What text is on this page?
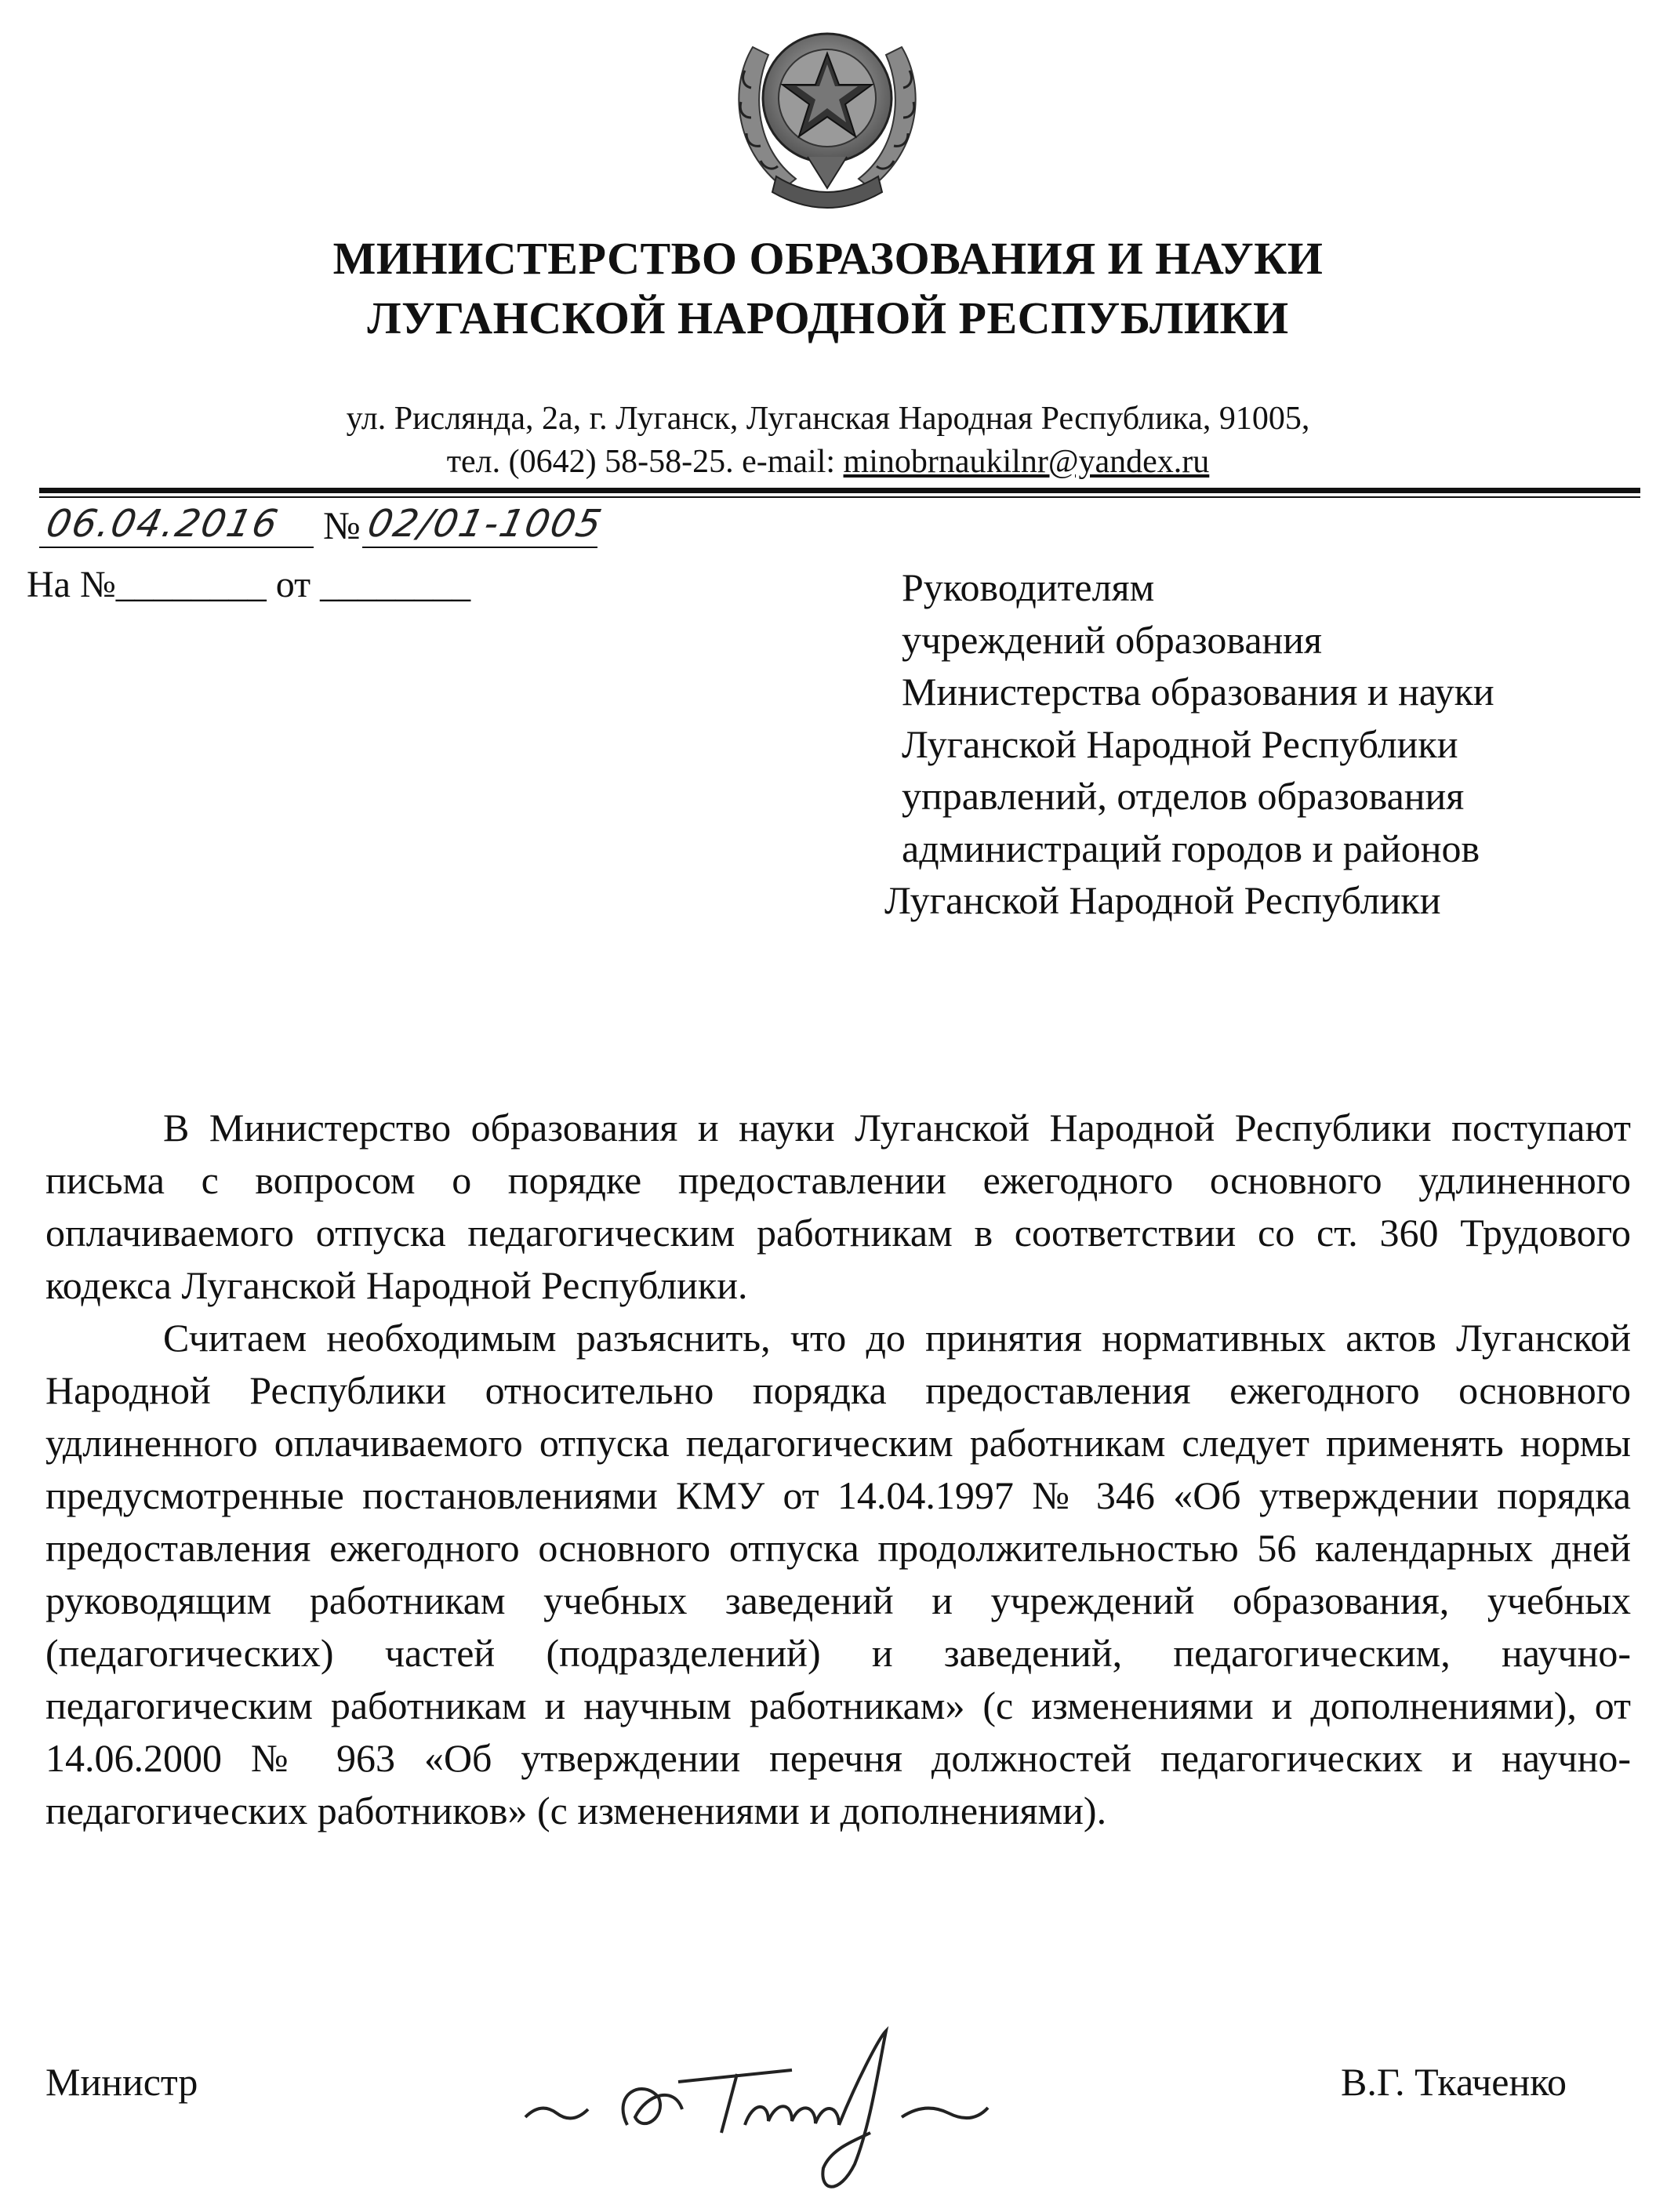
МИНИСТЕРСТВО ОБРАЗОВАНИЯ И НАУКИ
ЛУГАНСКОЙ НАРОДНОЙ РЕСПУБЛИКИ
ул. Рислянда, 2а, г. Луганск, Луганская Народная Республика, 91005,
тел. (0642) 58-58-25. e-mail: minobrnaukilnr@yandex.ru
06.04.2016 № 02/01-1005
На №________ от ________	Руководителям
учреждений образования
Министерства образования и науки
Луганской Народной Республики
управлений, отделов образования
администраций городов и районов
Луганской Народной Республики

В Министерство образования и науки Луганской Народной Республики поступают письма с вопросом о порядке предоставлении ежегодного основного удлиненного оплачиваемого отпуска педагогическим работникам в соответствии со ст. 360 Трудового кодекса Луганской Народной Республики.

Считаем необходимым разъяснить, что до принятия нормативных актов Луганской Народной Республики относительно порядка предоставления ежегодного основного удлиненного оплачиваемого отпуска педагогическим работникам следует применять нормы предусмотренные постановлениями КМУ от 14.04.1997 № 346 «Об утверждении порядка предоставления ежегодного основного отпуска продолжительностью 56 календарных дней руководящим работникам учебных заведений и учреждений образования, учебных (педагогических) частей (подразделений) и заведений, педагогическим, научно-педагогическим работникам и научным работникам» (с изменениями и дополнениями), от 14.06.2000 № 963 «Об утверждении перечня должностей педагогических и научно-педагогических работников» (с изменениями и дополнениями).

Министр	В.Г. Ткаченко
